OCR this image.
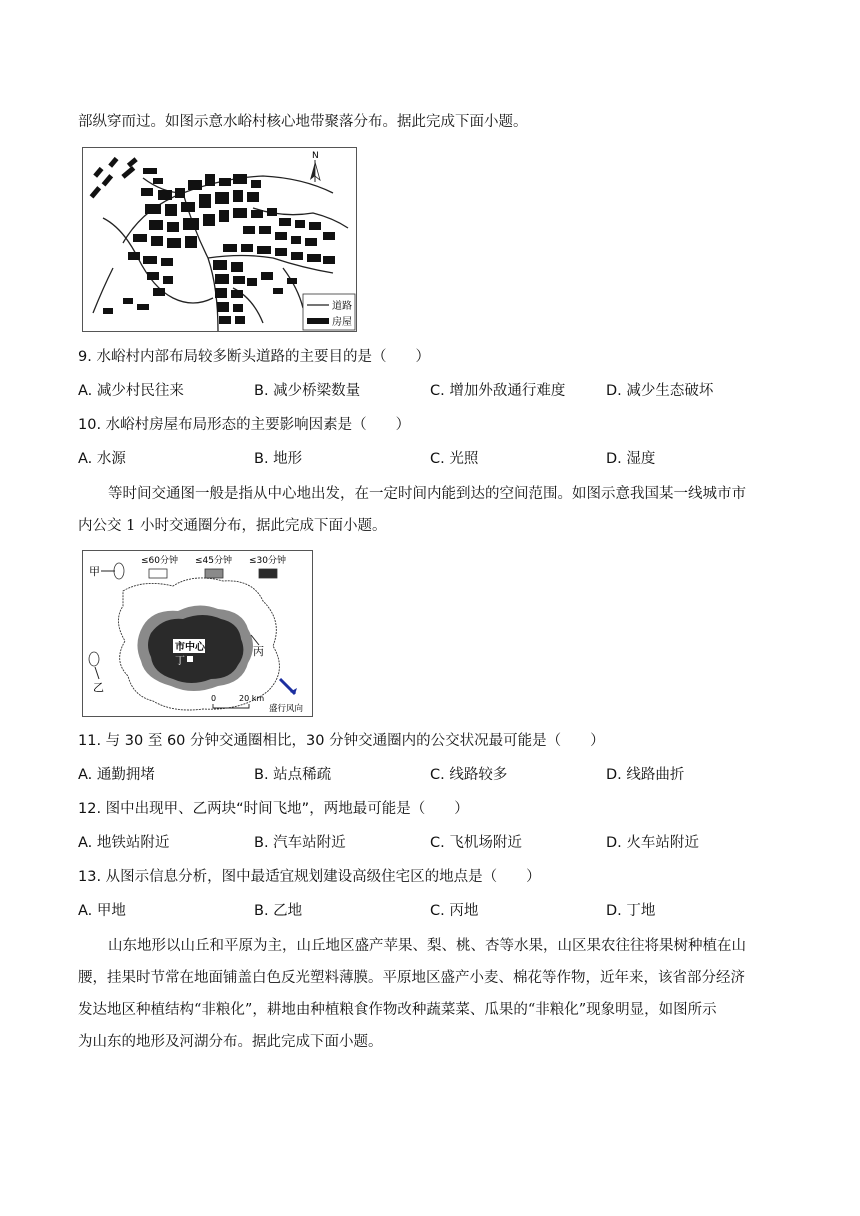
部纵穿而过。如图示意水峪村核心地带聚落分布。据此完成下面小题。
N
道路
房屋
9. 水峪村内部布局较多断头道路的主要目的是（　　）
A. 减少村民往来	B. 减少桥梁数量	C. 增加外敌通行难度	D. 减少生态破坏
10. 水峪村房屋布局形态的主要影响因素是（　　）
A. 水源	B. 地形	C. 光照	D. 湿度
等时间交通图一般是指从中心地出发，在一定时间内能到达的空间范围。如图示意我国某一线城市市
内公交 1 小时交通圈分布，据此完成下面小题。
≤60分钟 ≤45分钟 ≤30分钟
甲
乙
丙
市中心
丁
0	20 km
盛行风向
11. 与 30 至 60 分钟交通圈相比，30 分钟交通圈内的公交状况最可能是（　　）
A. 通勤拥堵	B. 站点稀疏	C. 线路较多	D. 线路曲折
12. 图中出现甲、乙两块“时间飞地”，两地最可能是（　　）
A. 地铁站附近	B. 汽车站附近	C. 飞机场附近	D. 火车站附近
13. 从图示信息分析，图中最适宜规划建设高级住宅区的地点是（　　）
A. 甲地	B. 乙地	C. 丙地	D. 丁地
山东地形以山丘和平原为主，山丘地区盛产苹果、梨、桃、杏等水果，山区果农往往将果树种植在山
腰，挂果时节常在地面铺盖白色反光塑料薄膜。平原地区盛产小麦、棉花等作物，近年来，该省部分经济
发达地区种植结构“非粮化”，耕地由种植粮食作物改种蔬菜菜、瓜果的“非粮化”现象明显，如图所示
为山东的地形及河湖分布。据此完成下面小题。
